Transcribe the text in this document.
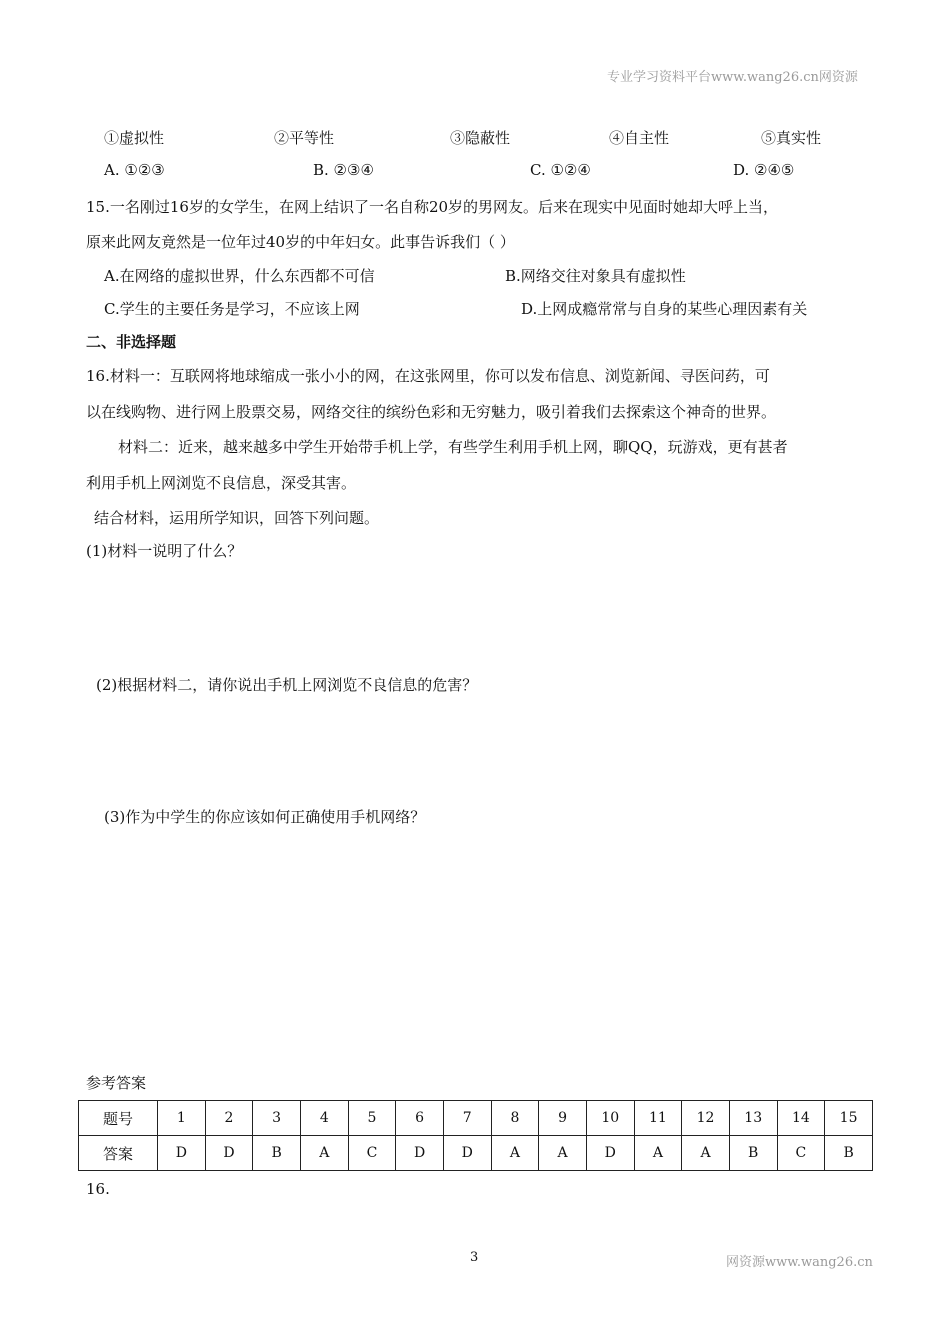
专业学习资料平台www.wang26.cn网资源
①虚拟性	②平等性	③隐蔽性	④自主性	⑤真实性
A. ①②③	B. ②③④	C. ①②④	D. ②④⑤
15.一名刚过16岁的女学生，在网上结识了一名自称20岁的男网友。后来在现实中见面时她却大呼上当，
原来此网友竟然是一位年过40岁的中年妇女。此事告诉我们（ ）
A.在网络的虚拟世界，什么东西都不可信	B.网络交往对象具有虚拟性
C.学生的主要任务是学习，不应该上网	D.上网成瘾常常与自身的某些心理因素有关
二、非选择题
16.材料一：互联网将地球缩成一张小小的网，在这张网里，你可以发布信息、浏览新闻、寻医问药，可
以在线购物、进行网上股票交易，网络交往的缤纷色彩和无穷魅力，吸引着我们去探索这个神奇的世界。
材料二：近来，越来越多中学生开始带手机上学，有些学生利用手机上网，聊QQ，玩游戏，更有甚者
利用手机上网浏览不良信息，深受其害。
结合材料，运用所学知识，回答下列问题。
(1)材料一说明了什么？
(2)根据材料二，请你说出手机上网浏览不良信息的危害？
(3)作为中学生的你应该如何正确使用手机网络？
参考答案
题号	1	2	3	4	5	6	7	8	9	10	11	12	13	14	15
答案	D	D	B	A	C	D	D	A	A	D	A	A	B	C	B
16.
3	网资源www.wang26.cn
